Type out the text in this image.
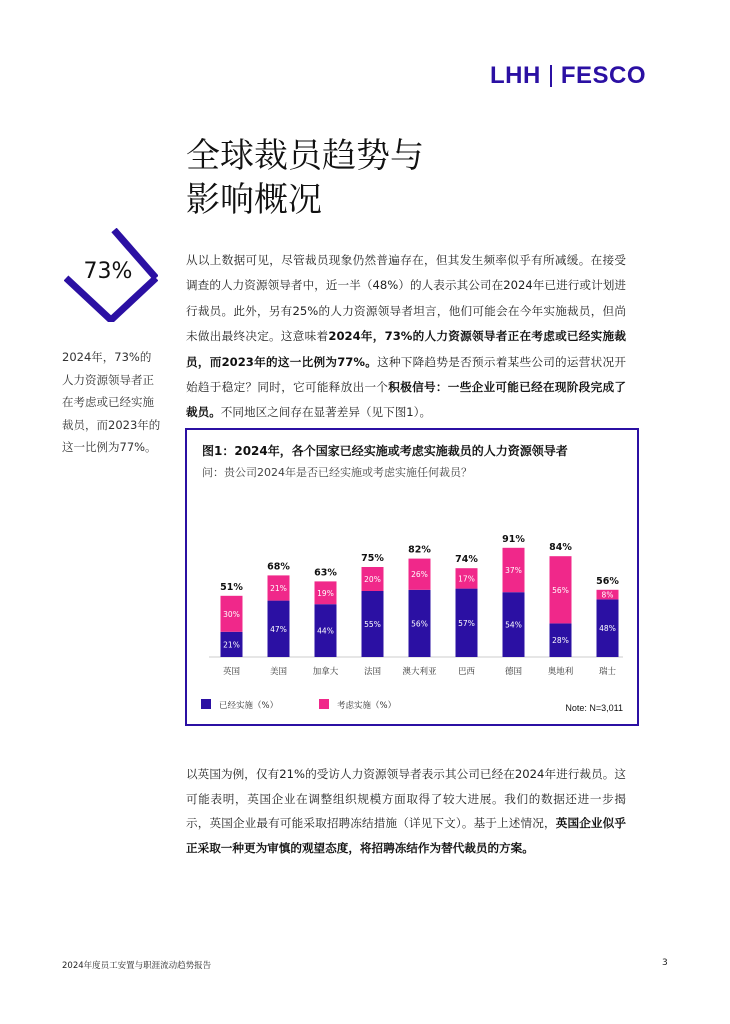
LHH FESCO
全球裁员趋势与
影响概况
73%
2024年，73%的人力资源领导者正在考虑或已经实施裁员，而2023年的这一比例为77%。

从以上数据可见，尽管裁员现象仍然普遍存在，但其发生频率似乎有所减缓。在接受调查的人力资源领导者中，近一半（48%）的人表示其公司在2024年已进行或计划进行裁员。此外，另有25%的人力资源领导者坦言，他们可能会在今年实施裁员，但尚未做出最终决定。这意味着2024年，73%的人力资源领导者正在考虑或已经实施裁员，而2023年的这一比例为77%。这种下降趋势是否预示着某些公司的运营状况开始趋于稳定？同时，它可能释放出一个积极信号：一些企业可能已经在现阶段完成了裁员。不同地区之间存在显著差异（见下图1）。

图1：2024年，各个国家已经实施或考虑实施裁员的人力资源领导者
问：贵公司2024年是否已经实施或考虑实施任何裁员？
21%
30%
51%
英国
47%
21%
68%
美国
44%
19%
63%
加拿大
55%
20%
75%
法国
56%
26%
82%
澳大利亚
57%
17%
74%
巴西
54%
37%
91%
德国
28%
56%
84%
奥地利
48%
8%
56%
瑞士
已经实施（%）	考虑实施（%）	Note: N=3,011

以英国为例，仅有21%的受访人力资源领导者表示其公司已经在2024年进行裁员。这可能表明，英国企业在调整组织规模方面取得了较大进展。我们的数据还进一步揭示，英国企业最有可能采取招聘冻结措施（详见下文）。基于上述情况，英国企业似乎正采取一种更为审慎的观望态度，将招聘冻结作为替代裁员的方案。

2024年度员工安置与职涯流动趋势报告	3
